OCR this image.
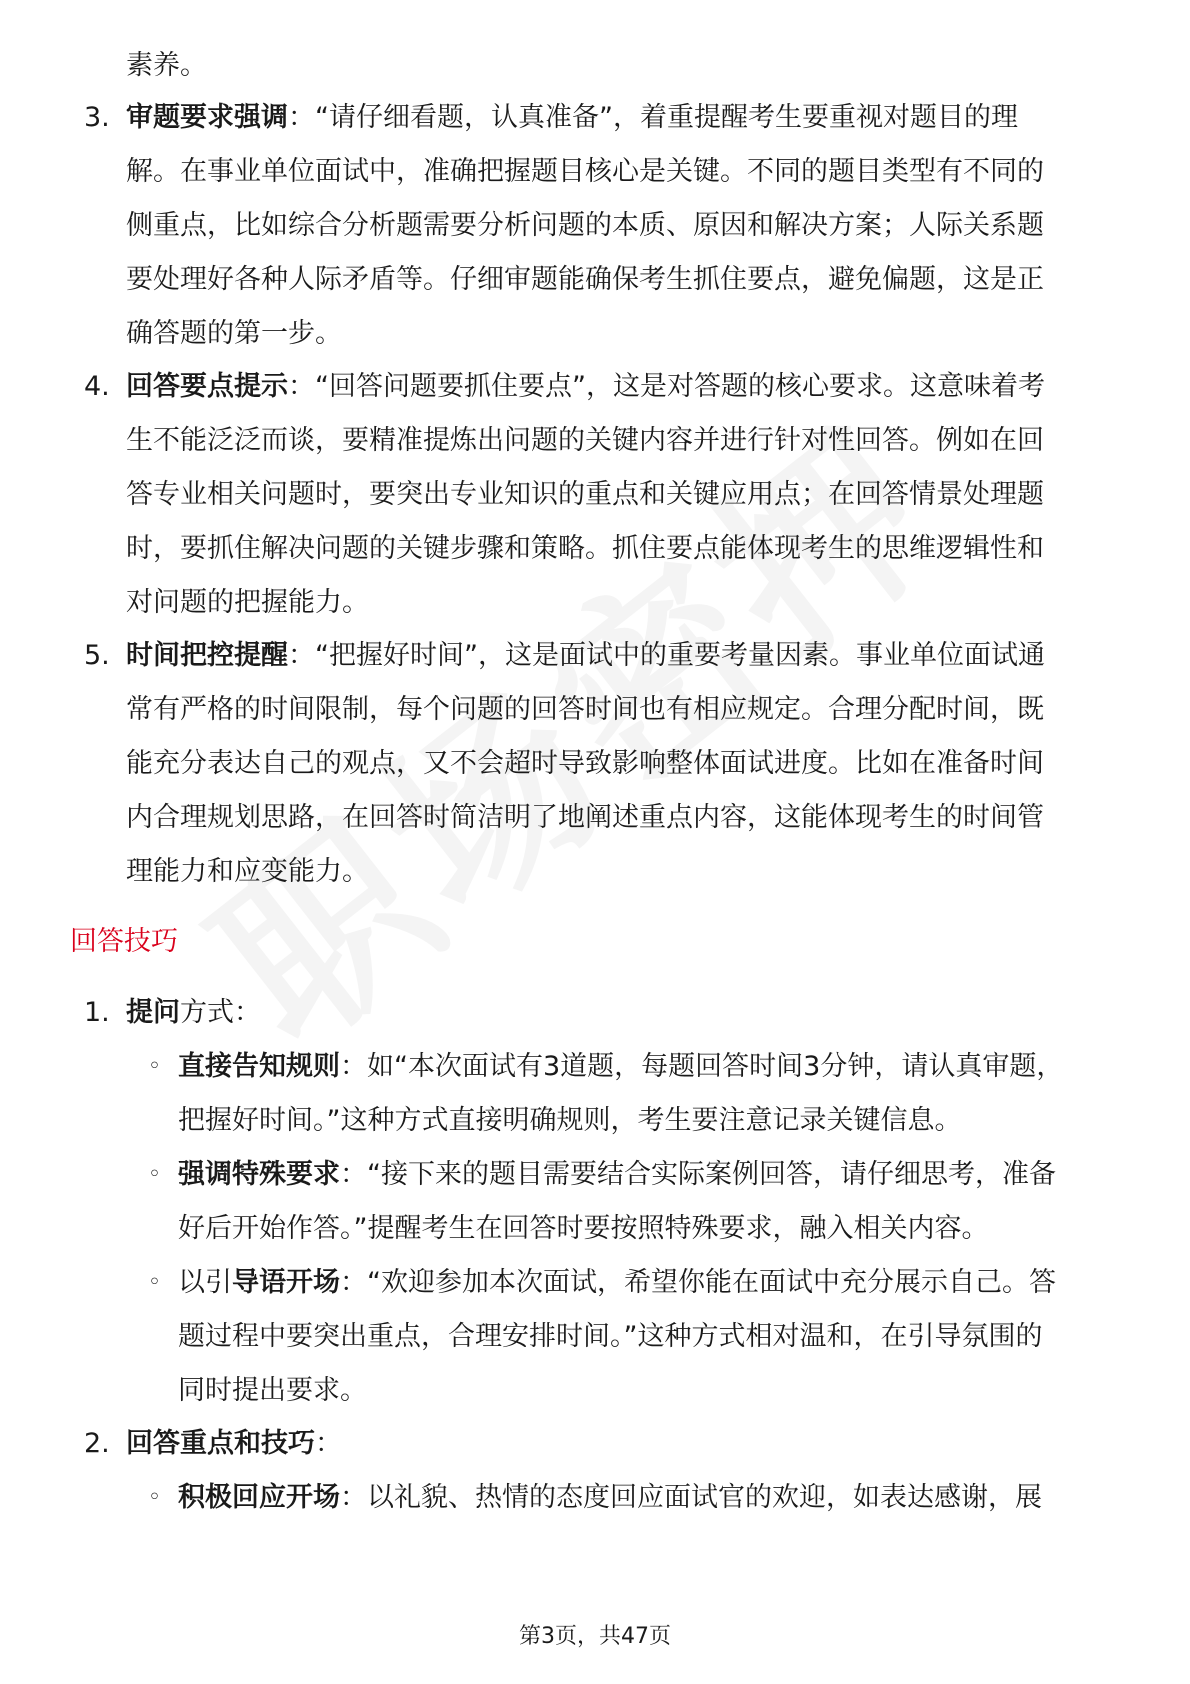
素养。
3. 审题要求强调：“请仔细看题，认真准备”，着重提醒考生要重视对题目的理
解。在事业单位面试中，准确把握题目核心是关键。不同的题目类型有不同的
侧重点，比如综合分析题需要分析问题的本质、原因和解决方案；人际关系题
要处理好各种人际矛盾等。仔细审题能确保考生抓住要点，避免偏题，这是正
确答题的第一步。
4. 回答要点提示：“回答问题要抓住要点”，这是对答题的核心要求。这意味着考
生不能泛泛而谈，要精准提炼出问题的关键内容并进行针对性回答。例如在回
答专业相关问题时，要突出专业知识的重点和关键应用点；在回答情景处理题
时，要抓住解决问题的关键步骤和策略。抓住要点能体现考生的思维逻辑性和
对问题的把握能力。
5. 时间把控提醒：“把握好时间”，这是面试中的重要考量因素。事业单位面试通
常有严格的时间限制，每个问题的回答时间也有相应规定。合理分配时间，既
能充分表达自己的观点，又不会超时导致影响整体面试进度。比如在准备时间
内合理规划思路，在回答时简洁明了地阐述重点内容，这能体现考生的时间管
理能力和应变能力。
回答技巧
1. 提问方式：
◦ 直接告知规则：如“本次面试有3道题，每题回答时间3分钟，请认真审题，
把握好时间。”这种方式直接明确规则，考生要注意记录关键信息。
◦ 强调特殊要求：“接下来的题目需要结合实际案例回答，请仔细思考，准备
好后开始作答。”提醒考生在回答时要按照特殊要求，融入相关内容。
◦ 以引导语开场：“欢迎参加本次面试，希望你能在面试中充分展示自己。答
题过程中要突出重点，合理安排时间。”这种方式相对温和，在引导氛围的
同时提出要求。
2. 回答重点和技巧：
◦ 积极回应开场：以礼貌、热情的态度回应面试官的欢迎，如表达感谢，展
第3页，共47页
